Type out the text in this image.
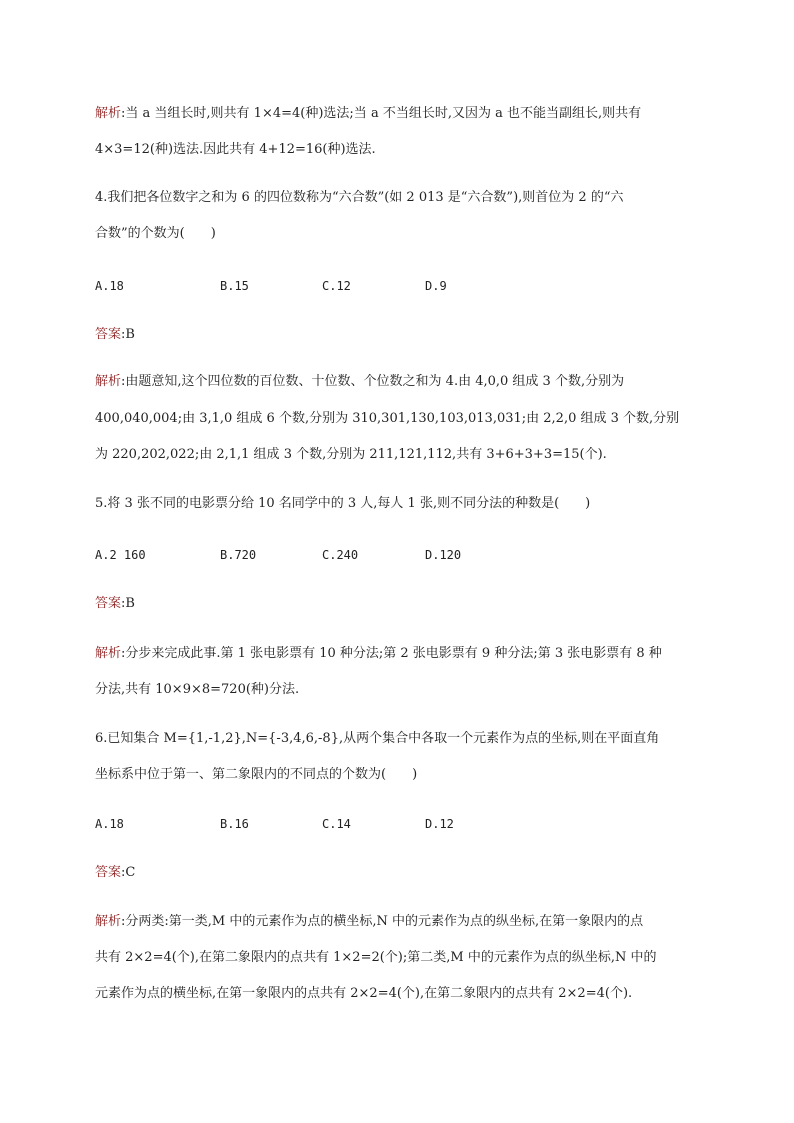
解析:当 a 当组长时,则共有 1×4=4(种)选法;当 a 不当组长时,又因为 a 也不能当副组长,则共有
4×3=12(种)选法.因此共有 4+12=16(种)选法.
4.我们把各位数字之和为 6 的四位数称为“六合数”(如 2 013 是“六合数”),则首位为 2 的“六
合数”的个数为(　　)
A.18	B.15	C.12	D.9
答案:B
解析:由题意知,这个四位数的百位数、十位数、个位数之和为 4.由 4,0,0 组成 3 个数,分别为
400,040,004;由 3,1,0 组成 6 个数,分别为 310,301,130,103,013,031;由 2,2,0 组成 3 个数,分别
为 220,202,022;由 2,1,1 组成 3 个数,分别为 211,121,112,共有 3+6+3+3=15(个).
5.将 3 张不同的电影票分给 10 名同学中的 3 人,每人 1 张,则不同分法的种数是(　　)
A.2 160	B.720	C.240	D.120
答案:B
解析:分步来完成此事.第 1 张电影票有 10 种分法;第 2 张电影票有 9 种分法;第 3 张电影票有 8 种
分法,共有 10×9×8=720(种)分法.
6.已知集合 M={1,-1,2},N={-3,4,6,-8},从两个集合中各取一个元素作为点的坐标,则在平面直角
坐标系中位于第一、第二象限内的不同点的个数为(　　)
A.18	B.16	C.14	D.12
答案:C
解析:分两类:第一类,M 中的元素作为点的横坐标,N 中的元素作为点的纵坐标,在第一象限内的点
共有 2×2=4(个),在第二象限内的点共有 1×2=2(个);第二类,M 中的元素作为点的纵坐标,N 中的
元素作为点的横坐标,在第一象限内的点共有 2×2=4(个),在第二象限内的点共有 2×2=4(个).
